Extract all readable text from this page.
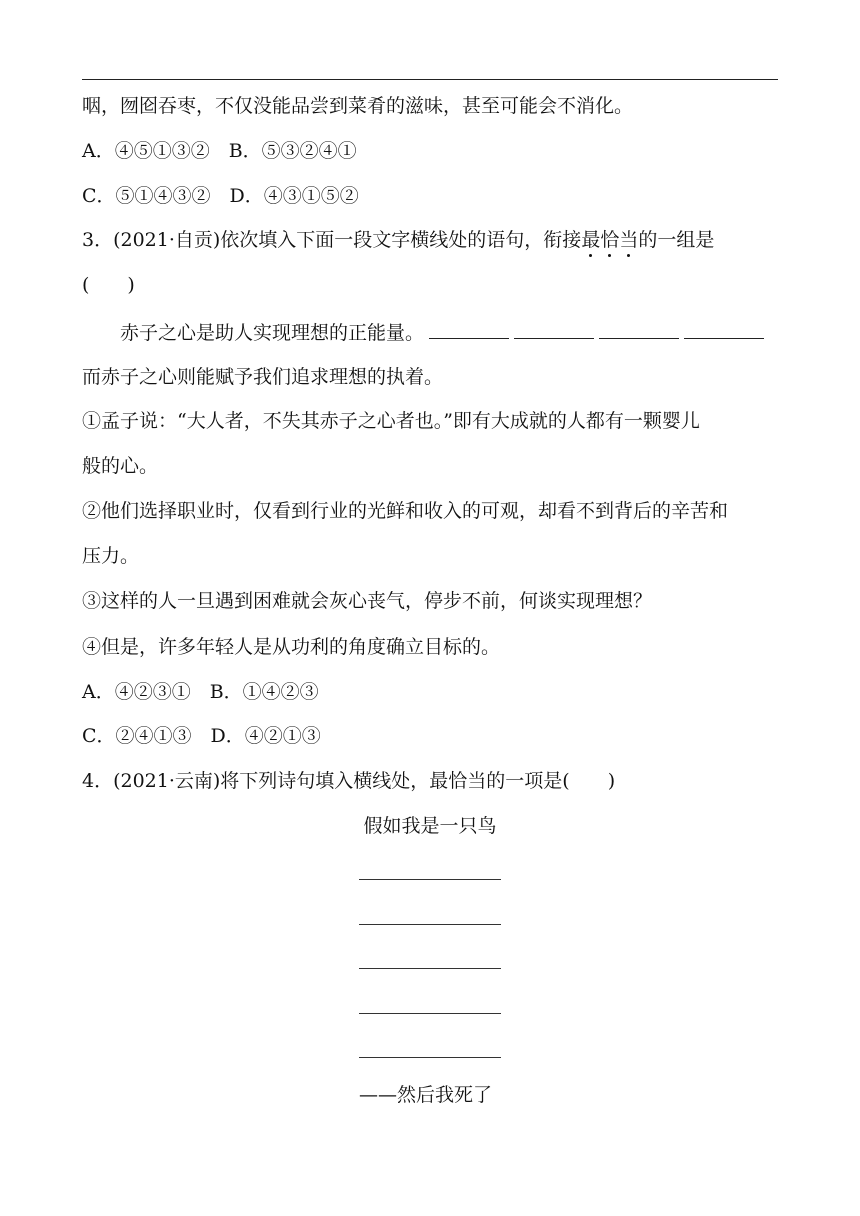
咽，囫囵吞枣，不仅没能品尝到菜肴的滋味，甚至可能会不消化。
A．④⑤①③②　B．⑤③②④①
C．⑤①④③②　D．④③①⑤②
3．(2021·自贡)依次填入下面一段文字横线处的语句，衔接最恰当的一组是
(　　)
赤子之心是助人实现理想的正能量。
而赤子之心则能赋予我们追求理想的执着。
①孟子说：“大人者，不失其赤子之心者也。”即有大成就的人都有一颗婴儿
般的心。
②他们选择职业时，仅看到行业的光鲜和收入的可观，却看不到背后的辛苦和
压力。
③这样的人一旦遇到困难就会灰心丧气，停步不前，何谈实现理想？
④但是，许多年轻人是从功利的角度确立目标的。
A．④②③①　B．①④②③
C．②④①③　D．④②①③
4．(2021·云南)将下列诗句填入横线处，最恰当的一项是(　　)
假如我是一只鸟
——然后我死了
